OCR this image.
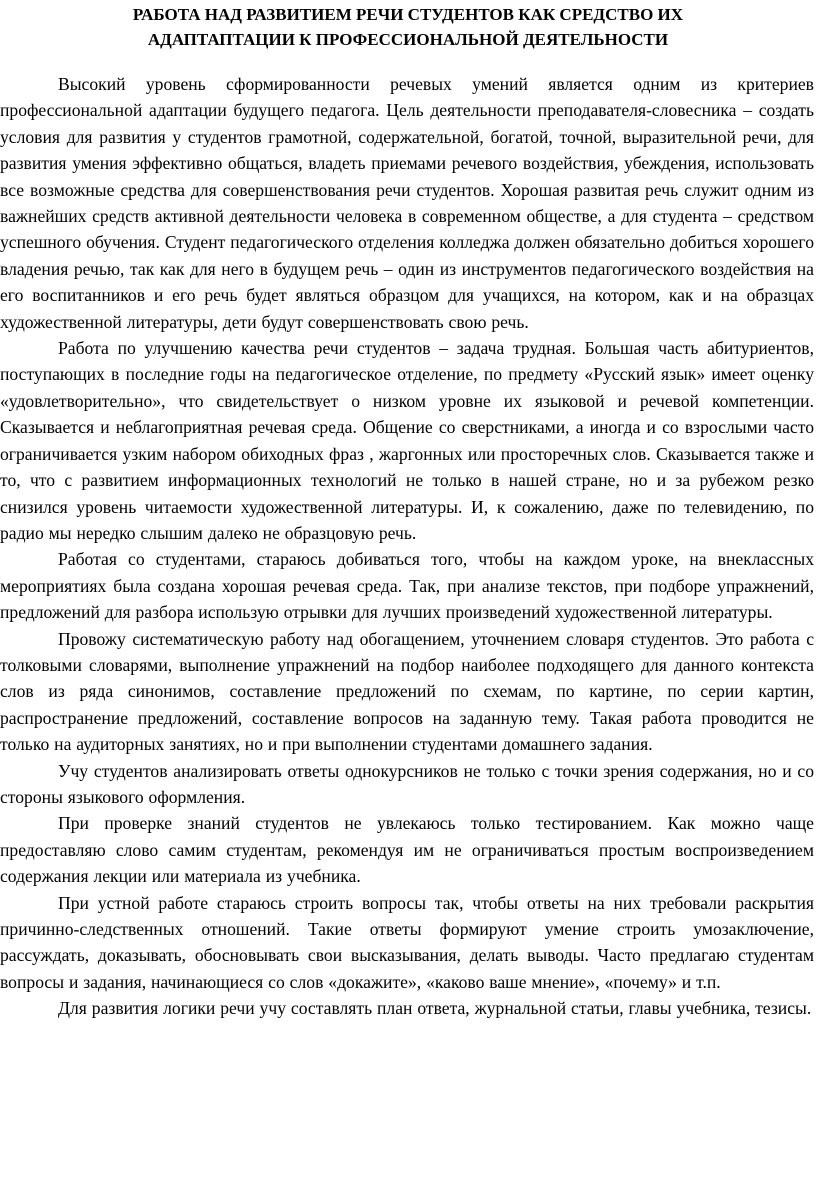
РАБОТА НАД РАЗВИТИЕМ РЕЧИ СТУДЕНТОВ КАК СРЕДСТВО ИХ
АДАПТАПТАЦИИ К ПРОФЕССИОНАЛЬНОЙ ДЕЯТЕЛЬНОСТИ

Высокий уровень сформированности речевых умений является одним из критериев профессиональной адаптации будущего педагога. Цель деятельности преподавателя-словесника – создать условия для развития у студентов грамотной, содержательной, богатой, точной, выразительной речи, для развития умения эффективно общаться, владеть приемами речевого воздействия, убеждения, использовать все возможные средства для совершенствования речи студентов. Хорошая развитая речь служит одним из важнейших средств активной деятельности человека в современном обществе, а для студента – средством успешного обучения. Студент педагогического отделения колледжа должен обязательно добиться хорошего владения речью, так как для него в будущем речь – один из инструментов педагогического воздействия на его воспитанников и его речь будет являться образцом для учащихся, на котором, как и на образцах художественной литературы, дети будут совершенствовать свою речь.

Работа по улучшению качества речи студентов – задача трудная. Большая часть абитуриентов, поступающих в последние годы на педагогическое отделение, по предмету «Русский язык» имеет оценку «удовлетворительно», что свидетельствует о низком уровне их языковой и речевой компетенции. Сказывается и неблагоприятная речевая среда. Общение со сверстниками, а иногда и со взрослыми часто ограничивается узким набором обиходных фраз , жаргонных или просторечных слов. Сказывается также и то, что с развитием информационных технологий не только в нашей стране, но и за рубежом резко снизился уровень читаемости художественной литературы. И, к сожалению, даже по телевидению, по радио мы нередко слышим далеко не образцовую речь.

Работая со студентами, стараюсь добиваться того, чтобы на каждом уроке, на внеклассных мероприятиях была создана хорошая речевая среда. Так, при анализе текстов, при подборе упражнений, предложений для разбора использую отрывки для лучших произведений художественной литературы.

Провожу систематическую работу над обогащением, уточнением словаря студентов. Это работа с толковыми словарями, выполнение упражнений на подбор наиболее подходящего для данного контекста слов из ряда синонимов, составление предложений по схемам, по картине, по серии картин, распространение предложений, составление вопросов на заданную тему. Такая работа проводится не только на аудиторных занятиях, но и при выполнении студентами домашнего задания.

Учу студентов анализировать ответы однокурсников не только с точки зрения содержания, но и со стороны языкового оформления.

При проверке знаний студентов не увлекаюсь только тестированием. Как можно чаще предоставляю слово самим студентам, рекомендуя им не ограничиваться простым воспроизведением содержания лекции или материала из учебника.

При устной работе стараюсь строить вопросы так, чтобы ответы на них требовали раскрытия причинно-следственных отношений. Такие ответы формируют умение строить умозаключение, рассуждать, доказывать, обосновывать свои высказывания, делать выводы. Часто предлагаю студентам вопросы и задания, начинающиеся со слов «докажите», «каково ваше мнение», «почему» и т.п.

Для развития логики речи учу составлять план ответа, журнальной статьи, главы учебника, тезисы.
